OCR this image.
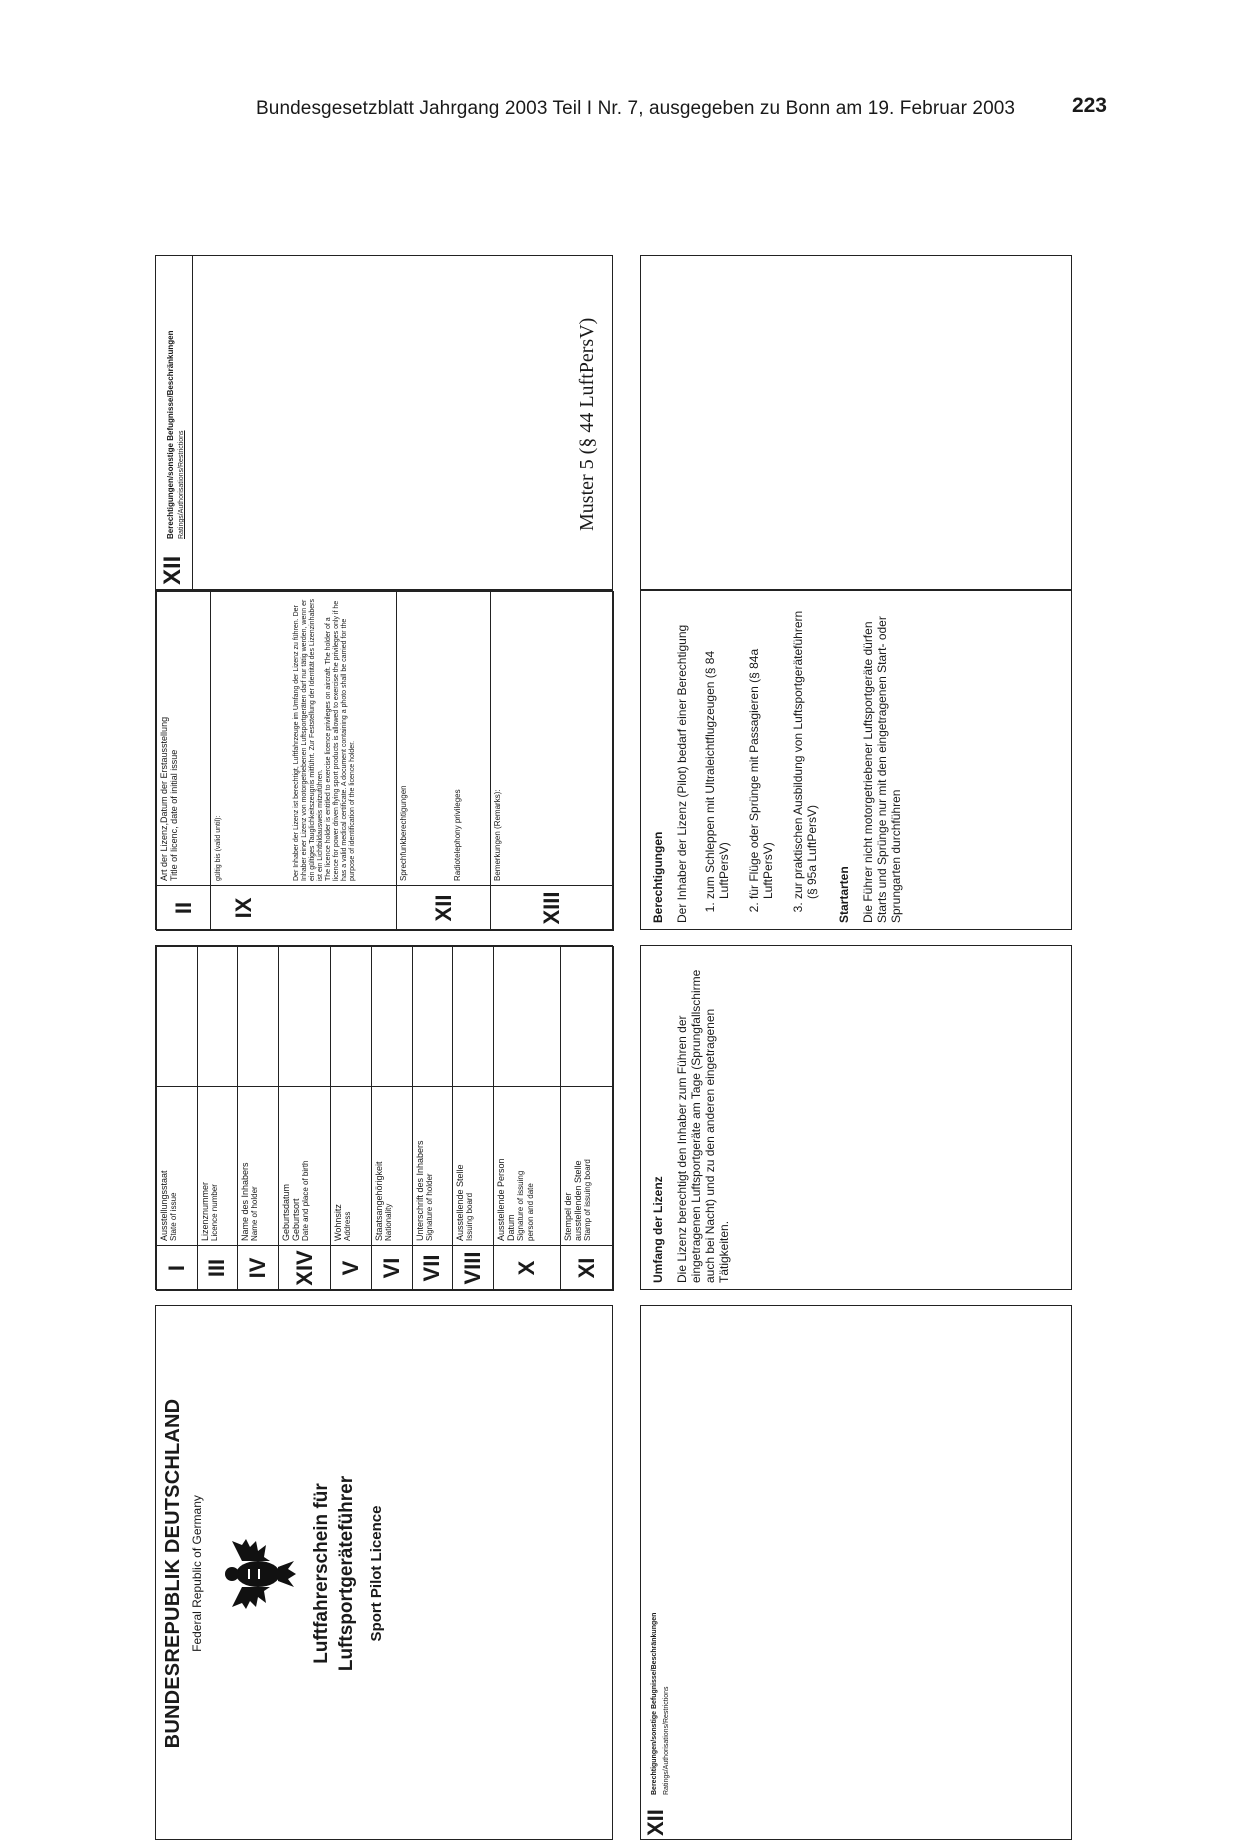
Bundesgesetzblatt Jahrgang 2003 Teil I Nr. 7, ausgegeben zu Bonn am 19. Februar 2003	223
BUNDESREPUBLIK DEUTSCHLAND Federal Republic of Germany	Luftfahrerschein für Luftsportgeräteführer Sport Pilot Licence
I	Ausstellungsstaat State of issue	

III	Lizenznummer Licence number	

IV	Name des Inhabers Name of holder	

XIV	Geburtsdatum
Geburtsort Date and place of birth	

V	Wohnsitz Address	

VI	Staatsangehörigkeit Nationality	

VII	Unterschrift des Inhabers Signature of holder	

VIII	Ausstellende Stelle Issuing board	

X	Ausstellende Person
Datum Signature of issuing
person and date	

XI	Stempel der
ausstellenden Stelle Stamp of issuing board	

II	Art der Lizenz,Datum der Erstausstellung Title of licenc, date of initial issue

IX	gültig bis (valid until): Der Inhaber der Lizenz ist berechtigt, Luftfahrzeuge im Umfang der Lizenz zu führen. Der Inhaber einer Lizenz von motorgetriebenen Luftsportgeräten darf nur tätig werden, wenn er ein gültiges Tauglichkeitszeugnis mitführt. Zur Feststellung der Identität des Lizenzinhabers ist ein Lichtbildausweis mitzuführen. The licence holder is entitled to exercise licence privileges on aircraft. The holder of a licence for power driven flying sport products is allowed to exercise the privileges only if he has a valid medical certificate. A document containing a photo shall be carried for the purpose of identification of the licence holder.

XII	Sprechfunkberechtigungen Radiotelephony privileges

XIII	Bemerkungen (Remarks):
XII
Berechtigungen/sonstige Befugnisse/Beschränkungen Ratings/Authorisations/Restrictions	Muster 5 (§ 44 LuftPersV)
XII
Berechtigungen/sonstige Befugnisse/Beschränkungen Ratings/Authorisations/Restrictions
Umfang der Lizenz Die Lizenz berechtigt den Inhaber zum Führen der eingetragenen Luftsportgeräte am Tage (Sprungfallschirme auch bei Nacht) und zu den anderen eingetragenen Tätigkeiten.

Berechtigungen Der Inhaber der Lizenz (Pilot) bedarf einer Berechtigung 1. zum Schleppen mit Ultraleichtflugzeugen (§ 84 LuftPersV) 2. für Flüge oder Sprünge mit Passagieren (§ 84a LuftPersV) 3. zur praktischen Ausbildung von Luftsportgeräteführern (§ 95a LuftPersV) Startarten Die Führer nicht motorgetriebener Luftsportgeräte dürfen Starts und Sprünge nur mit den eingetragenen Start- oder Sprungarten durchführen
